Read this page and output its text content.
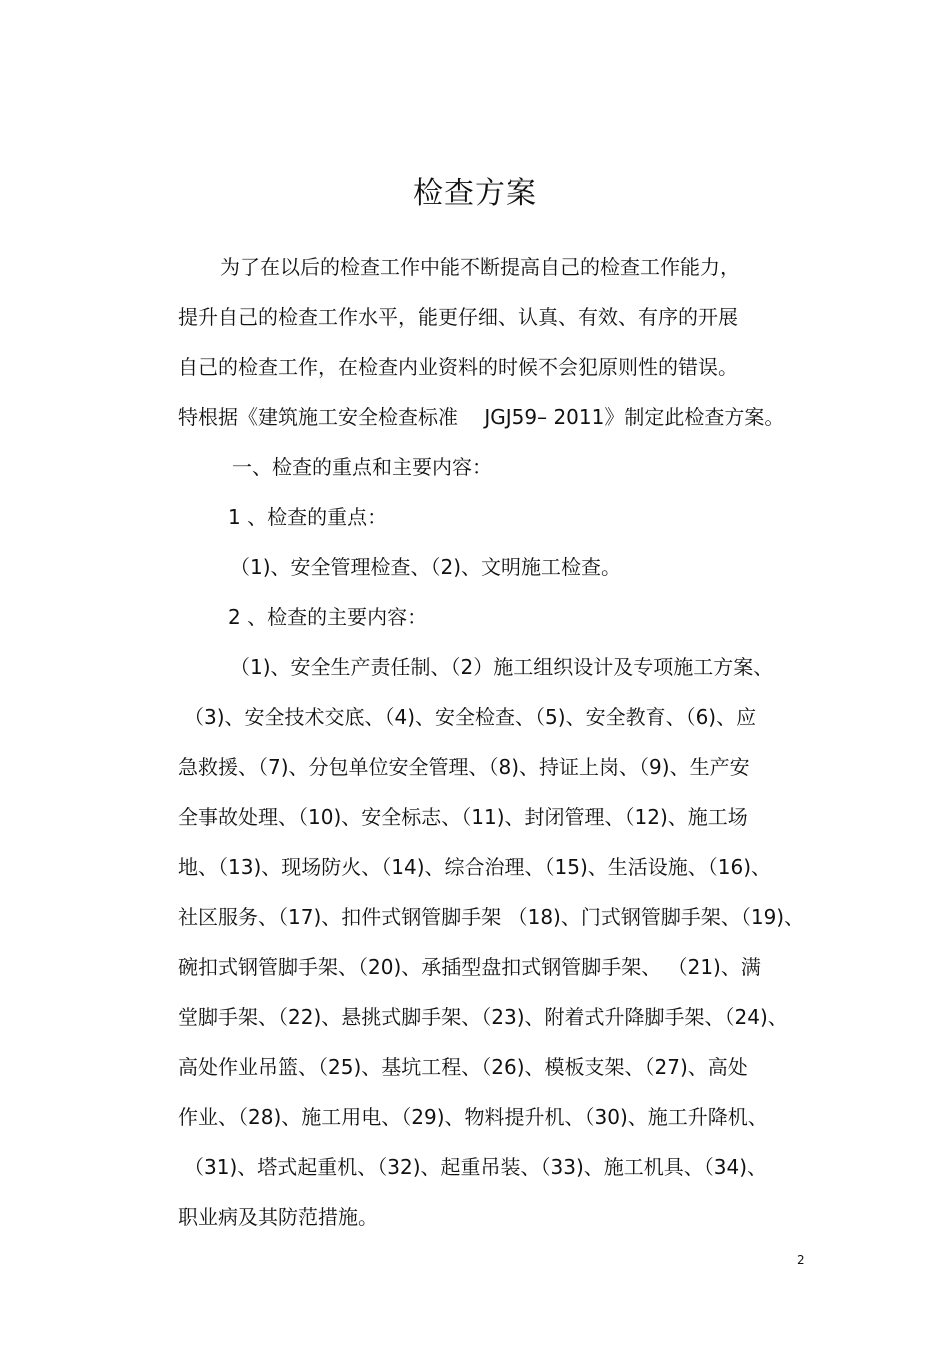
检查方案
为了在以后的检查工作中能不断提高自己的检查工作能力，
提升自己的检查工作水平，能更仔细、认真、有效、有序的开展
自己的检查工作，在检查内业资料的时候不会犯原则性的错误。
特根据《建筑施工安全检查标准　 JGJ59– 2011》制定此检查方案。
一、检查的重点和主要内容：
1 、检查的重点：
（1)、安全管理检查、（2)、文明施工检查。
2 、检查的主要内容：
（1)、安全生产责任制、（2）施工组织设计及专项施工方案、
（3)、安全技术交底、（4)、安全检查、（5)、安全教育、（6)、应
急救援、（7)、分包单位安全管理、（8)、持证上岗、（9)、生产安
全事故处理、（10)、安全标志、（11)、封闭管理、（12)、施工场
地、（13)、现场防火、（14)、综合治理、（15)、生活设施、（16)、
社区服务、（17)、扣件式钢管脚手架 （18)、门式钢管脚手架、（19)、
碗扣式钢管脚手架、（20)、承插型盘扣式钢管脚手架、 （21)、满
堂脚手架、（22)、悬挑式脚手架、（23)、附着式升降脚手架、（24)、
高处作业吊篮、（25)、基坑工程、（26)、模板支架、（27)、高处
作业、（28)、施工用电、（29)、物料提升机、（30)、施工升降机、
（31)、塔式起重机、（32)、起重吊装、（33)、施工机具、（34)、
职业病及其防范措施。
2
